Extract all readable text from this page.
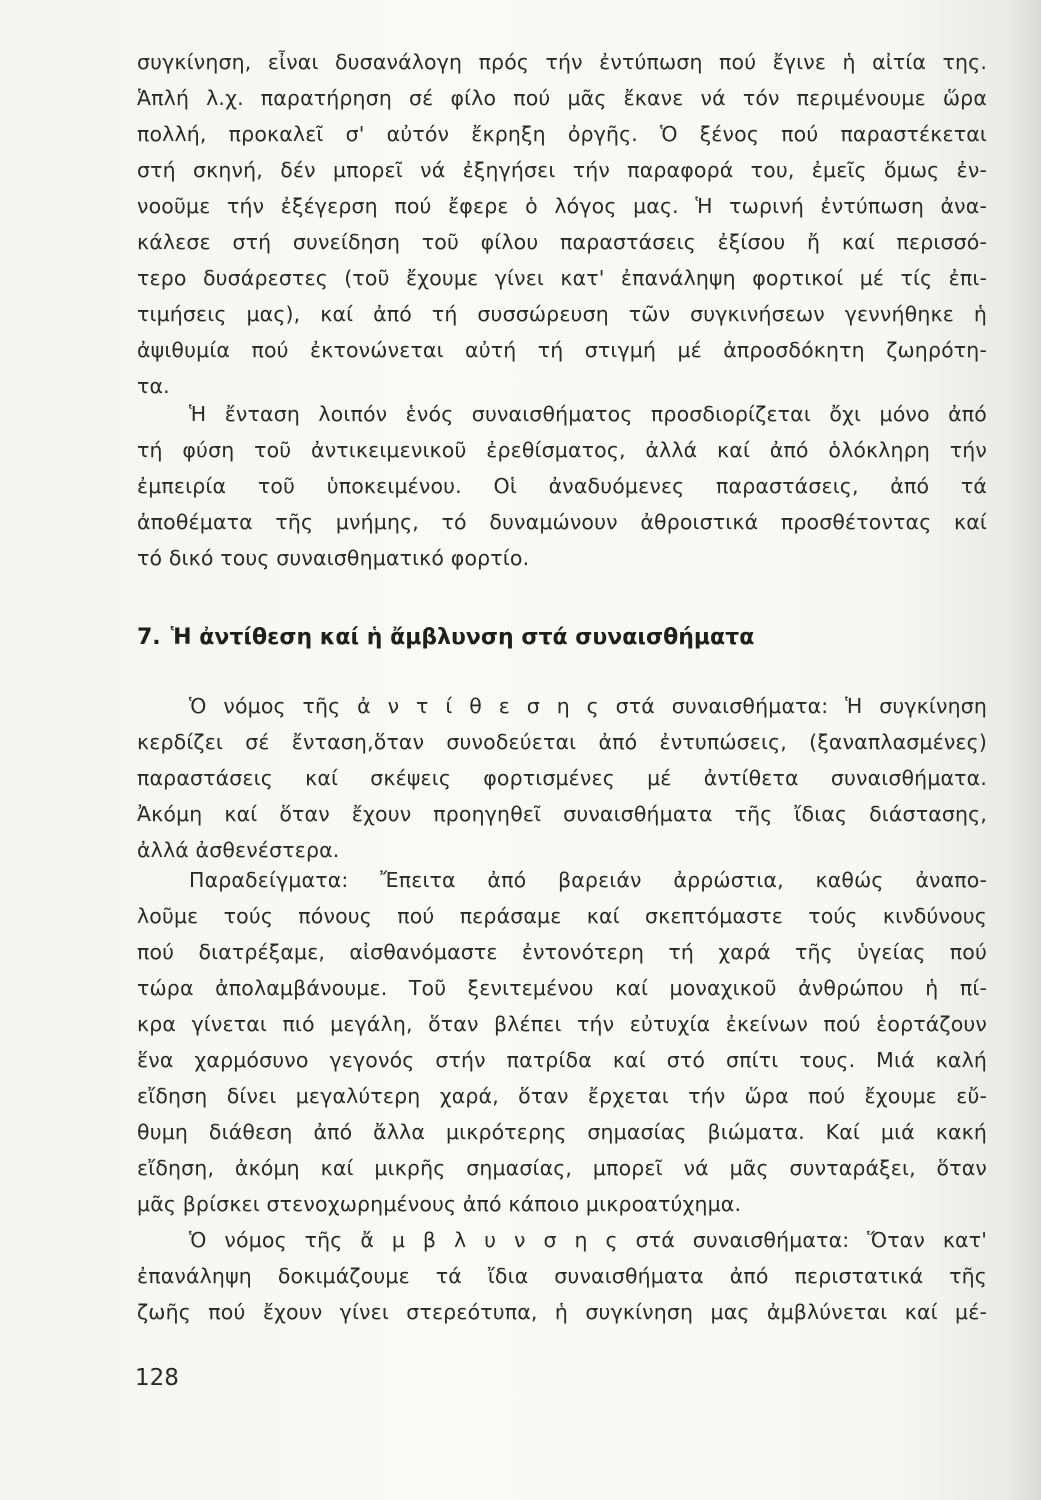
συγκίνηση, εἶναι δυσανάλογη πρός τήν ἐντύπωση πού ἔγινε ἡ αἰτία της.
Ἁπλή λ.χ. παρατήρηση σέ φίλο πού μᾶς ἔκανε νά τόν περιμένουμε ὥρα
πολλή, προκαλεῖ σ' αὐτόν ἔκρηξη ὀργῆς. Ὁ ξένος πού παραστέκεται
στή σκηνή, δέν μπορεῖ νά ἐξηγήσει τήν παραφορά του, ἐμεῖς ὅμως ἐν-
νοοῦμε τήν ἐξέγερση πού ἔφερε ὁ λόγος μας. Ἡ τωρινή ἐντύπωση ἀνα-
κάλεσε στή συνείδηση τοῦ φίλου παραστάσεις ἐξίσου ἤ καί περισσό-
τερο δυσάρεστες (τοῦ ἔχουμε γίνει κατ' ἐπανάληψη φορτικοί μέ τίς ἐπι-
τιμήσεις μας), καί ἀπό τή συσσώρευση τῶν συγκινήσεων γεννήθηκε ἡ
ἀψιθυμία πού ἐκτονώνεται αὐτή τή στιγμή μέ ἀπροσδόκητη ζωηρότη-
τα.
Ἡ ἔνταση λοιπόν ἑνός συναισθήματος προσδιορίζεται ὄχι μόνο ἀπό
τή φύση τοῦ ἀντικειμενικοῦ ἐρεθίσματος, ἀλλά καί ἀπό ὁλόκληρη τήν
ἐμπειρία τοῦ ὑποκειμένου. Οἱ ἀναδυόμενες παραστάσεις, ἀπό τά
ἀποθέματα τῆς μνήμης, τό δυναμώνουν ἀθροιστικά προσθέτοντας καί
τό δικό τους συναισθηματικό φορτίο.
7. Ἡ ἀντίθεση καί ἡ ἄμβλυνση στά συναισθήματα
Ὁ νόμος τῆς ἀ ν τ ί θ ε σ η ς στά συναισθήματα: Ἡ συγκίνηση
κερδίζει σέ ἔνταση,ὅταν συνοδεύεται ἀπό ἐντυπώσεις, (ξαναπλασμένες)
παραστάσεις καί σκέψεις φορτισμένες μέ ἀντίθετα συναισθήματα.
Ἀκόμη καί ὅταν ἔχουν προηγηθεῖ συναισθήματα τῆς ἴδιας διάστασης,
ἀλλά ἀσθενέστερα.
Παραδείγματα: Ἔπειτα ἀπό βαρειάν ἀρρώστια, καθώς ἀναπο-
λοῦμε τούς πόνους πού περάσαμε καί σκεπτόμαστε τούς κινδύνους
πού διατρέξαμε, αἰσθανόμαστε ἐντονότερη τή χαρά τῆς ὑγείας πού
τώρα ἀπολαμβάνουμε. Τοῦ ξενιτεμένου καί μοναχικοῦ ἀνθρώπου ἡ πί-
κρα γίνεται πιό μεγάλη, ὅταν βλέπει τήν εὐτυχία ἐκείνων πού ἑορτάζουν
ἕνα χαρμόσυνο γεγονός στήν πατρίδα καί στό σπίτι τους. Μιά καλή
εἴδηση δίνει μεγαλύτερη χαρά, ὅταν ἔρχεται τήν ὥρα πού ἔχουμε εὔ-
θυμη διάθεση ἀπό ἄλλα μικρότερης σημασίας βιώματα. Καί μιά κακή
εἴδηση, ἀκόμη καί μικρῆς σημασίας, μπορεῖ νά μᾶς συνταράξει, ὅταν
μᾶς βρίσκει στενοχωρημένους ἀπό κάποιο μικροατύχημα.
Ὁ νόμος τῆς ἄ μ β λ υ ν σ η ς στά συναισθήματα: Ὅταν κατ'
ἐπανάληψη δοκιμάζουμε τά ἴδια συναισθήματα ἀπό περιστατικά τῆς
ζωῆς πού ἔχουν γίνει στερεότυπα, ἡ συγκίνηση μας ἀμβλύνεται καί μέ-
128
